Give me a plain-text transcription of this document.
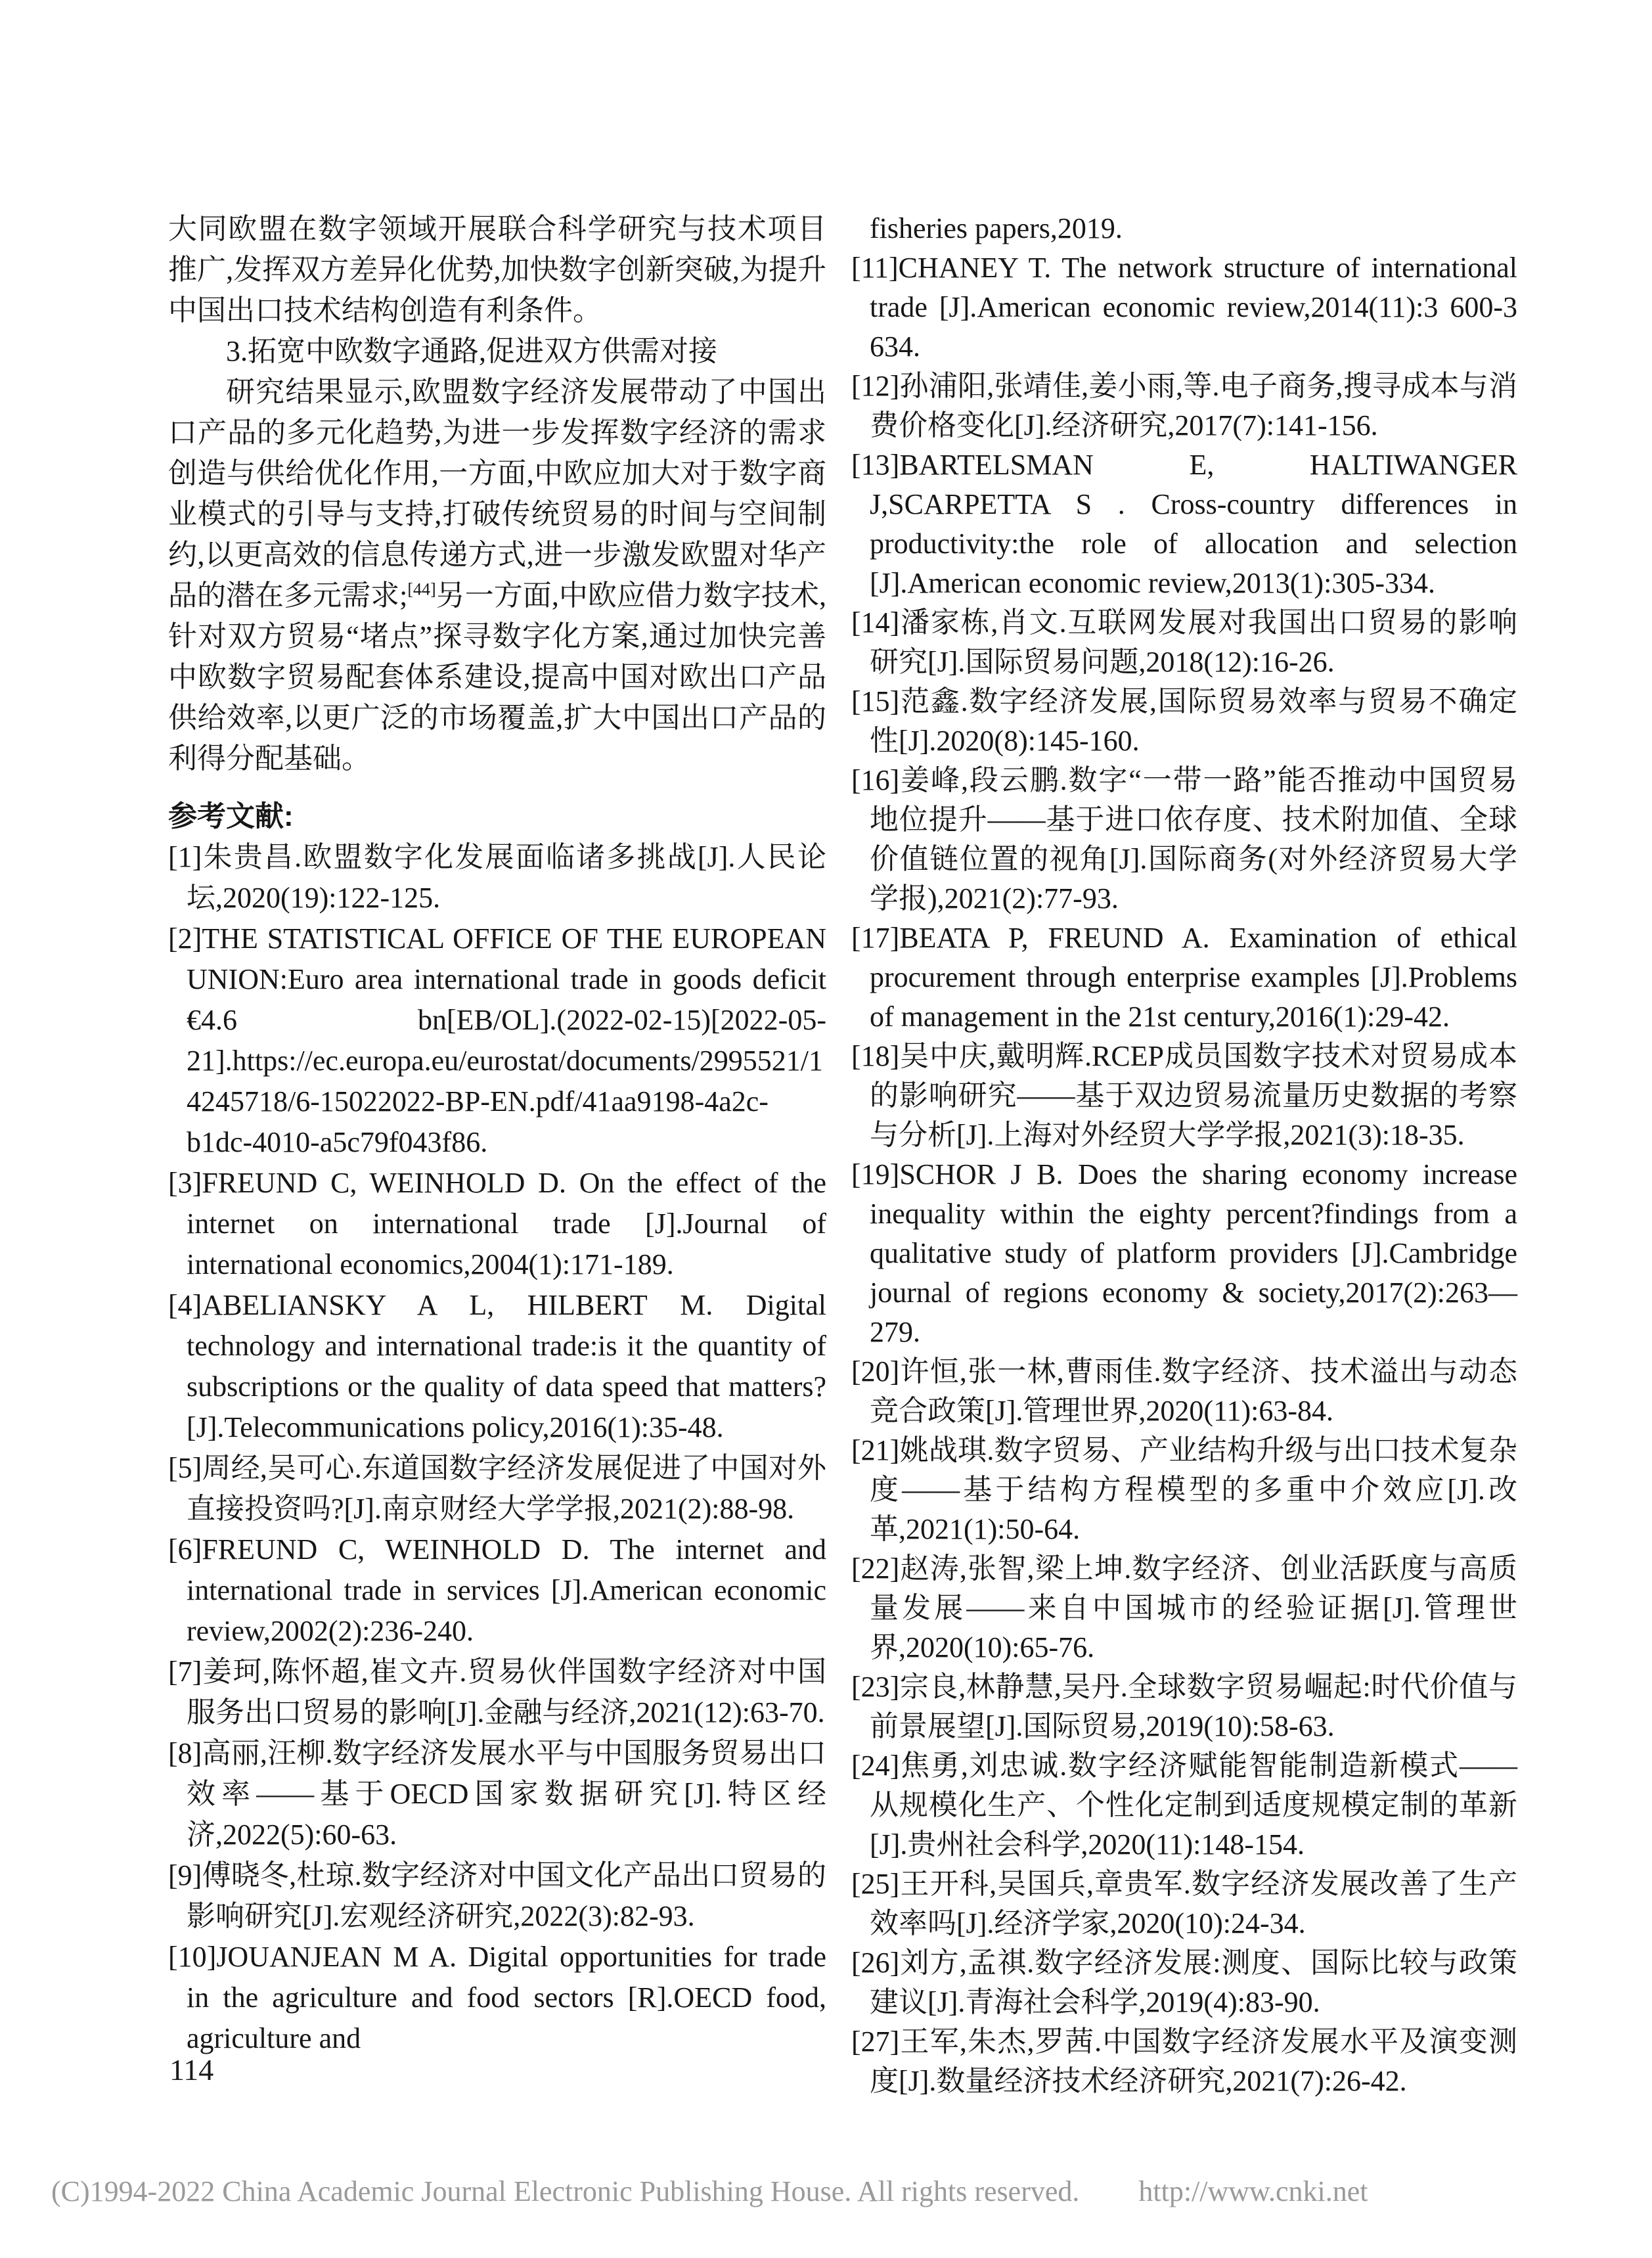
大同欧盟在数字领域开展联合科学研究与技术项目推广,发挥双方差异化优势,加快数字创新突破,为提升中国出口技术结构创造有利条件。

3.拓宽中欧数字通路,促进双方供需对接

研究结果显示,欧盟数字经济发展带动了中国出口产品的多元化趋势,为进一步发挥数字经济的需求创造与供给优化作用,一方面,中欧应加大对于数字商业模式的引导与支持,打破传统贸易的时间与空间制约,以更高效的信息传递方式,进一步激发欧盟对华产品的潜在多元需求;[44]另一方面,中欧应借力数字技术,针对双方贸易“堵点”探寻数字化方案,通过加快完善中欧数字贸易配套体系建设,提高中国对欧出口产品供给效率,以更广泛的市场覆盖,扩大中国出口产品的利得分配基础。

参考文献:
[1]朱贵昌.欧盟数字化发展面临诸多挑战[J].人民论坛,2020(19):122-125.
[2]THE STATISTICAL OFFICE OF THE EUROPEAN UNION:Euro area international trade in goods deficit €4.6 bn[EB/OL].(2022-02-15)[2022-05-21].https://ec.europa.eu/eurostat/documents/2995521/14245718/6-15022022-BP-EN.pdf/41aa9198-4a2c-b1dc-4010-a5c79f043f86.
[3]FREUND C, WEINHOLD D. On the effect of the internet on international trade [J].Journal of international economics,2004(1):171-189.
[4]ABELIANSKY A L, HILBERT M. Digital technology and international trade:is it the quantity of subscriptions or the quality of data speed that matters? [J].Telecommunications policy,2016(1):35-48.
[5]周经,吴可心.东道国数字经济发展促进了中国对外直接投资吗?[J].南京财经大学学报,2021(2):88-98.
[6]FREUND C, WEINHOLD D. The internet and international trade in services [J].American economic review,2002(2):236-240.
[7]姜珂,陈怀超,崔文卉.贸易伙伴国数字经济对中国服务出口贸易的影响[J].金融与经济,2021(12):63-70.
[8]高丽,汪柳.数字经济发展水平与中国服务贸易出口效率——基于OECD国家数据研究[J].特区经济,2022(5):60-63.
[9]傅晓冬,杜琼.数字经济对中国文化产品出口贸易的影响研究[J].宏观经济研究,2022(3):82-93.
[10]JOUANJEAN M A. Digital opportunities for trade in the agriculture and food sectors [R].OECD food, agriculture and
fisheries papers,2019.
[11]CHANEY T. The network structure of international trade [J].American economic review,2014(11):3 600-3 634.
[12]孙浦阳,张靖佳,姜小雨,等.电子商务,搜寻成本与消费价格变化[J].经济研究,2017(7):141-156.
[13]BARTELSMAN E, HALTIWANGER J,SCARPETTA S . Cross-country differences in productivity:the role of allocation and selection [J].American economic review,2013(1):305-334.
[14]潘家栋,肖文.互联网发展对我国出口贸易的影响研究[J].国际贸易问题,2018(12):16-26.
[15]范鑫.数字经济发展,国际贸易效率与贸易不确定性[J].2020(8):145-160.
[16]姜峰,段云鹏.数字“一带一路”能否推动中国贸易地位提升——基于进口依存度、技术附加值、全球价值链位置的视角[J].国际商务(对外经济贸易大学学报),2021(2):77-93.
[17]BEATA P, FREUND A. Examination of ethical procurement through enterprise examples [J].Problems of management in the 21st century,2016(1):29-42.
[18]吴中庆,戴明辉.RCEP成员国数字技术对贸易成本的影响研究——基于双边贸易流量历史数据的考察与分析[J].上海对外经贸大学学报,2021(3):18-35.
[19]SCHOR J B. Does the sharing economy increase inequality within the eighty percent?findings from a qualitative study of platform providers [J].Cambridge journal of regions economy & society,2017(2):263—279.
[20]许恒,张一林,曹雨佳.数字经济、技术溢出与动态竞合政策[J].管理世界,2020(11):63-84.
[21]姚战琪.数字贸易、产业结构升级与出口技术复杂度——基于结构方程模型的多重中介效应[J].改革,2021(1):50-64.
[22]赵涛,张智,梁上坤.数字经济、创业活跃度与高质量发展——来自中国城市的经验证据[J].管理世界,2020(10):65-76.
[23]宗良,林静慧,吴丹.全球数字贸易崛起:时代价值与前景展望[J].国际贸易,2019(10):58-63.
[24]焦勇,刘忠诚.数字经济赋能智能制造新模式——从规模化生产、个性化定制到适度规模定制的革新[J].贵州社会科学,2020(11):148-154.
[25]王开科,吴国兵,章贵军.数字经济发展改善了生产效率吗[J].经济学家,2020(10):24-34.
[26]刘方,孟祺.数字经济发展:测度、国际比较与政策建议[J].青海社会科学,2019(4):83-90.
[27]王军,朱杰,罗茜.中国数字经济发展水平及演变测度[J].数量经济技术经济研究,2021(7):26-42.
114
(C)1994-2022 China Academic Journal Electronic Publishing House. All rights reserved. http://www.cnki.net
